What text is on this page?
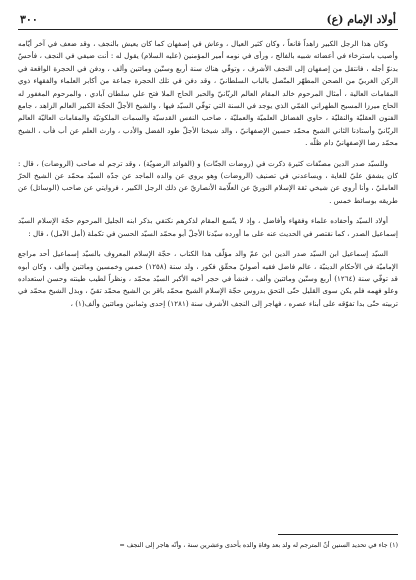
أولاد الإمام (ع)
٣٠٠

وكان هذا الرجل الكبير زاهداً قانعاً ، وكان كثير العيال ، وعاش في إصفهان كما كان يعيش بالنجف ، وقد ضعف في آخر أيّامه وأصيب باسترخاء في أعضائه شبيه بالفالج ، ورأى في نومه أمير المؤمنين (عليه السلام) يقول له : أنت ضيفي في النجف ، فأحسّ بدنوّ أجله ، فانتقل من إصفهان إلى النجف الأشرف ، وتوفّي هناك سنة أربع وستّين ومائتين وألف ، ودفن في الحجرة الواقعة في الركن الغربيّ من الصحن المطهّر المتّصل بالباب السلطانيّ ، وقد دفن في تلك الحجرة جماعة من أكابر العلماء والفقهاء ذوي المقامات العالية ، أمثال المرحوم خالد المقام العالم الربّانيّ والحبر الحاج الملا فتح علي سلطان آبادي ، والمرحوم المغفور له الحاج ميرزا المسيح الطهراني القمّي الذي يوجد في السنة التي توفّي السيّد فيها ، والشيخ الأجلّ الحجّة الكبير العالم الزاهد ، جامع الفنون العقليّة والنقليّة ، حاوي الفضائل العلميّة والعمليّة ، صاحب النفس القدسيّة والسمات الملكوتيّة والمقامات العاليّة العالم الربّانيّ وأستاذنا الثاني الشيخ محمّد حسين الإصفهانيّ ، والد شيخنا الأجلّ طود الفضل والأدب ، وارث العلم عن أب فأب ، الشيخ محمّد رضا الإصفهانيّ دام ظلّه .

وللسيّد صدر الدين مصنّفات كثيرة ذكرت في (روضات الجنّات) و (الفوائد الرضويّة) ، وقد ترجم له صاحب (الروضات) ، قال : كان يشفق عليّ للغاية ، ويساعدني في تصنيف (الروضات) وهو يروي عن والده الماجد عن جدّه السيّد محمّد عن الشيخ الحرّ العامليّ ، وأنا أروي عن شيخي ثقة الإسلام النوريّ عن العلّامة الأنصاريّ عن ذلك الرجل الكبير ، فروايتي عن صاحب (الوسائل) عن طريقه بوسائط خمس .

أولاد السيّد وأحفاده علماء وفقهاء وأفاضل ، وإذ لا يتّسع المقام لذكرهم نكتفي بذكر ابنه الجليل المرحوم حجّة الإسلام السيّد إسماعيل الصدر ، كما نقتصر في الحديث عنه على ما أورده سيّدنا الأجلّ أبو محمّد السيّد الحسن في تكملة (أمل الآمل) ، قال :

السيّد إسماعيل ابن السيّد صدر الدين ابن عمّ والد مؤلّف هذا الكتاب ، حجّة الإسلام المعروف بالسيّد إسماعيل أحد مراجع الإماميّة في الأحكام الدينيّة ، عالم فاضل فقيه أصوليّ محقّق فكور ، ولد سنة (١٢٥٨) خمس وخمسين ومائتين وألف ، وكان أبوه قد توفّي سنة (١٢٦٤) أربع وستّين ومائتين وألف ، فنشأ في حجر أخيه الأكبر السيّد محمّد ، ونظراً لطيب طينته وحسن استعداده وعلو فهمه فلم يكن سوى القليل حتّى التحق بدروس حجّة الإسلام الشيخ محمّد باقر بن الشيخ محمّد تقيّ ، وبذل الشيخ محمّد في تربيته حتّى بدا تفوّقه على أبناء عصره ، فهاجر إلى النجف الأشرف سنة (١٢٨١) إحدى وثمانين ومائتين وألف(١) ،

(١) جاء في تحديد السنين أنّ المترجم له ولد بعد وفاة والده بأحدى وعشرين سنة ، وأنّه هاجر إلى النجف =
